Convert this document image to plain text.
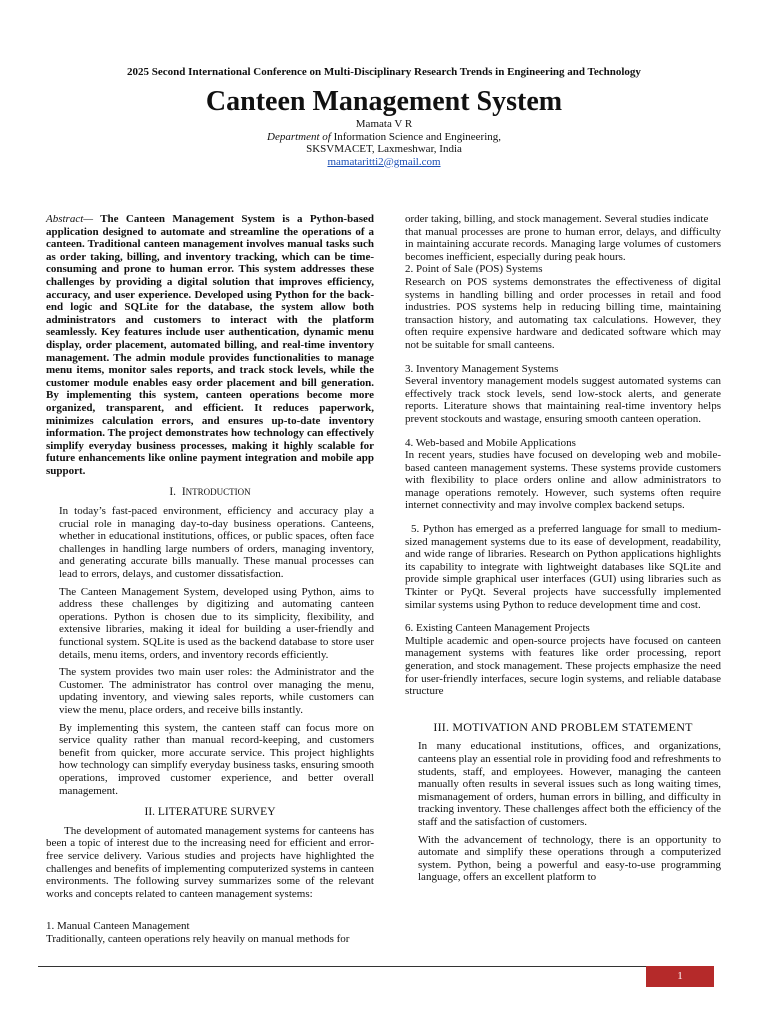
2025 Second International Conference on Multi-Disciplinary Research Trends in Engineering and Technology
Canteen Management System
Mamata V R
Department of Information Science and Engineering,
SKSVMACET, Laxmeshwar, India
mamataritti2@gmail.com

Abstract— The Canteen Management System is a Python-based application designed to automate and streamline the operations of a canteen. Traditional canteen management involves manual tasks such as order taking, billing, and inventory tracking, which can be time-consuming and prone to human error. This system addresses these challenges by providing a digital solution that improves efficiency, accuracy, and user experience. Developed using Python for the back-end logic and SQLite for the database, the system allow both administrators and customers to interact with the platform seamlessly. Key features include user authentication, dynamic menu display, order placement, automated billing, and real-time inventory management. The admin module provides functionalities to manage menu items, monitor sales reports, and track stock levels, while the customer module enables easy order placement and bill generation. By implementing this system, canteen operations become more organized, transparent, and efficient. It reduces paperwork, minimizes calculation errors, and ensures up-to-date inventory information. The project demonstrates how technology can effectively simplify everyday business processes, making it highly scalable for future enhancements like online payment integration and mobile app support.

I. INTRODUCTION

In today’s fast-paced environment, efficiency and accuracy play a crucial role in managing day-to-day business operations. Canteens, whether in educational institutions, offices, or public spaces, often face challenges in handling large numbers of orders, managing inventory, and generating accurate bills manually. These manual processes can lead to errors, delays, and customer dissatisfaction.

The Canteen Management System, developed using Python, aims to address these challenges by digitizing and automating canteen operations. Python is chosen due to its simplicity, flexibility, and extensive libraries, making it ideal for building a user-friendly and functional system. SQLite is used as the backend database to store user details, menu items, orders, and inventory records efficiently.

The system provides two main user roles: the Administrator and the Customer. The administrator has control over managing the menu, updating inventory, and viewing sales reports, while customers can view the menu, place orders, and receive bills instantly.

By implementing this system, the canteen staff can focus more on service quality rather than manual record-keeping, and customers benefit from quicker, more accurate service. This project highlights how technology can simplify everyday business tasks, ensuring smooth operations, improved customer experience, and better overall management.

II. LITERATURE SURVEY

The development of automated management systems for canteens has been a topic of interest due to the increasing need for efficient and error-free service delivery. Various studies and projects have highlighted the challenges and benefits of implementing computerized systems in canteen environments. The following survey summarizes some of the relevant works and concepts related to canteen management systems:

1. Manual Canteen Management

Traditionally, canteen operations rely heavily on manual methods for

order taking, billing, and stock management. Several studies indicate

that manual processes are prone to human error, delays, and difficulty in maintaining accurate records. Managing large volumes of customers becomes inefficient, especially during peak hours.

2. Point of Sale (POS) Systems

Research on POS systems demonstrates the effectiveness of digital systems in handling billing and order processes in retail and food industries. POS systems help in reducing billing time, maintaining transaction history, and automating tax calculations. However, they often require expensive hardware and dedicated software which may not be suitable for small canteens.

3. Inventory Management Systems

Several inventory management models suggest automated systems can effectively track stock levels, send low-stock alerts, and generate reports. Literature shows that maintaining real-time inventory helps prevent stockouts and wastage, ensuring smooth canteen operation.

4. Web-based and Mobile Applications

In recent years, studies have focused on developing web and mobile-based canteen management systems. These systems provide customers with flexibility to place orders online and allow administrators to manage operations remotely. However, such systems often require internet connectivity and may involve complex backend setups.

5. Python has emerged as a preferred language for small to medium-sized management systems due to its ease of development, readability, and wide range of libraries. Research on Python applications highlights its capability to integrate with lightweight databases like SQLite and provide simple graphical user interfaces (GUI) using libraries such as Tkinter or PyQt. Several projects have successfully implemented similar systems using Python to reduce development time and cost.

6. Existing Canteen Management Projects

Multiple academic and open-source projects have focused on canteen management systems with features like order processing, report generation, and stock management. These projects emphasize the need for user-friendly interfaces, secure login systems, and reliable database structure

III. MOTIVATION AND PROBLEM STATEMENT

In many educational institutions, offices, and organizations, canteens play an essential role in providing food and refreshments to students, staff, and employees. However, managing the canteen manually often results in several issues such as long waiting times, mismanagement of orders, human errors in billing, and difficulty in tracking inventory. These challenges affect both the efficiency of the staff and the satisfaction of customers.

With the advancement of technology, there is an opportunity to automate and simplify these operations through a computerized system. Python, being a powerful and easy-to-use programming language, offers an excellent platform to

1
